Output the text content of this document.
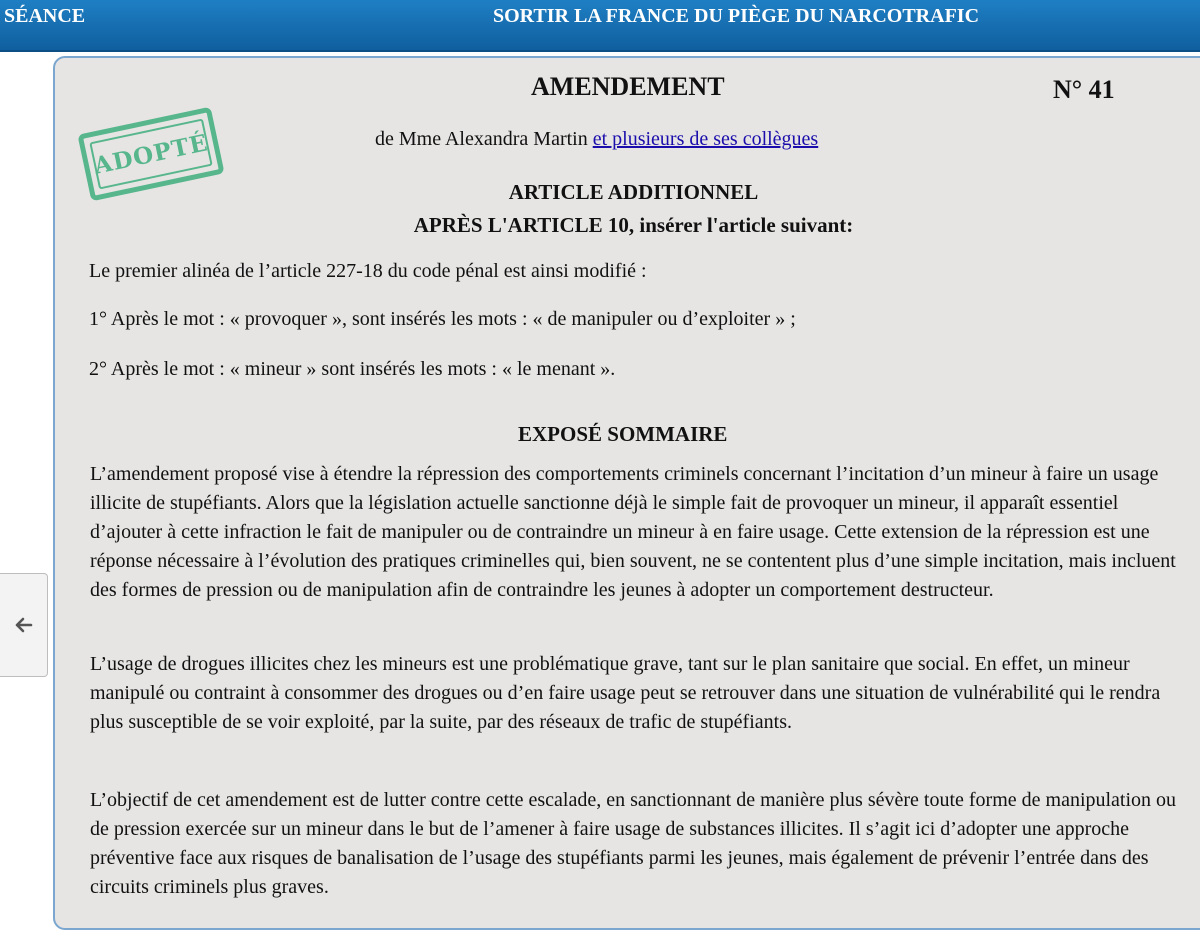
SÉANCE	SORTIR LA FRANCE DU PIÈGE DU NARCOTRAFIC
AMENDEMENT	N° 41
ADOPTÉ	de Mme Alexandra Martin et plusieurs de ses collègues
ARTICLE ADDITIONNEL
APRÈS L'ARTICLE 10, insérer l'article suivant:
Le premier alinéa de l’article 227-18 du code pénal est ainsi modifié :
1° Après le mot : « provoquer », sont insérés les mots : « de manipuler ou d’exploiter » ;
2° Après le mot : « mineur » sont insérés les mots : « le menant ».
EXPOSÉ SOMMAIRE
L’amendement proposé vise à étendre la répression des comportements criminels concernant l’incitation d’un mineur à faire un usage illicite de stupéfiants. Alors que la législation actuelle sanctionne déjà le simple fait de provoquer un mineur, il apparaît essentiel d’ajouter à cette infraction le fait de manipuler ou de contraindre un mineur à en faire usage. Cette extension de la répression est une réponse nécessaire à l’évolution des pratiques criminelles qui, bien souvent, ne se contentent plus d’une simple incitation, mais incluent des formes de pression ou de manipulation afin de contraindre les jeunes à adopter un comportement destructeur.
L’usage de drogues illicites chez les mineurs est une problématique grave, tant sur le plan sanitaire que social. En effet, un mineur manipulé ou contraint à consommer des drogues ou d’en faire usage peut se retrouver dans une situation de vulnérabilité qui le rendra plus susceptible de se voir exploité, par la suite, par des réseaux de trafic de stupéfiants.
L’objectif de cet amendement est de lutter contre cette escalade, en sanctionnant de manière plus sévère toute forme de manipulation ou de pression exercée sur un mineur dans le but de l’amener à faire usage de substances illicites. Il s’agit ici d’adopter une approche préventive face aux risques de banalisation de l’usage des stupéfiants parmi les jeunes, mais également de prévenir l’entrée dans des circuits criminels plus graves.
